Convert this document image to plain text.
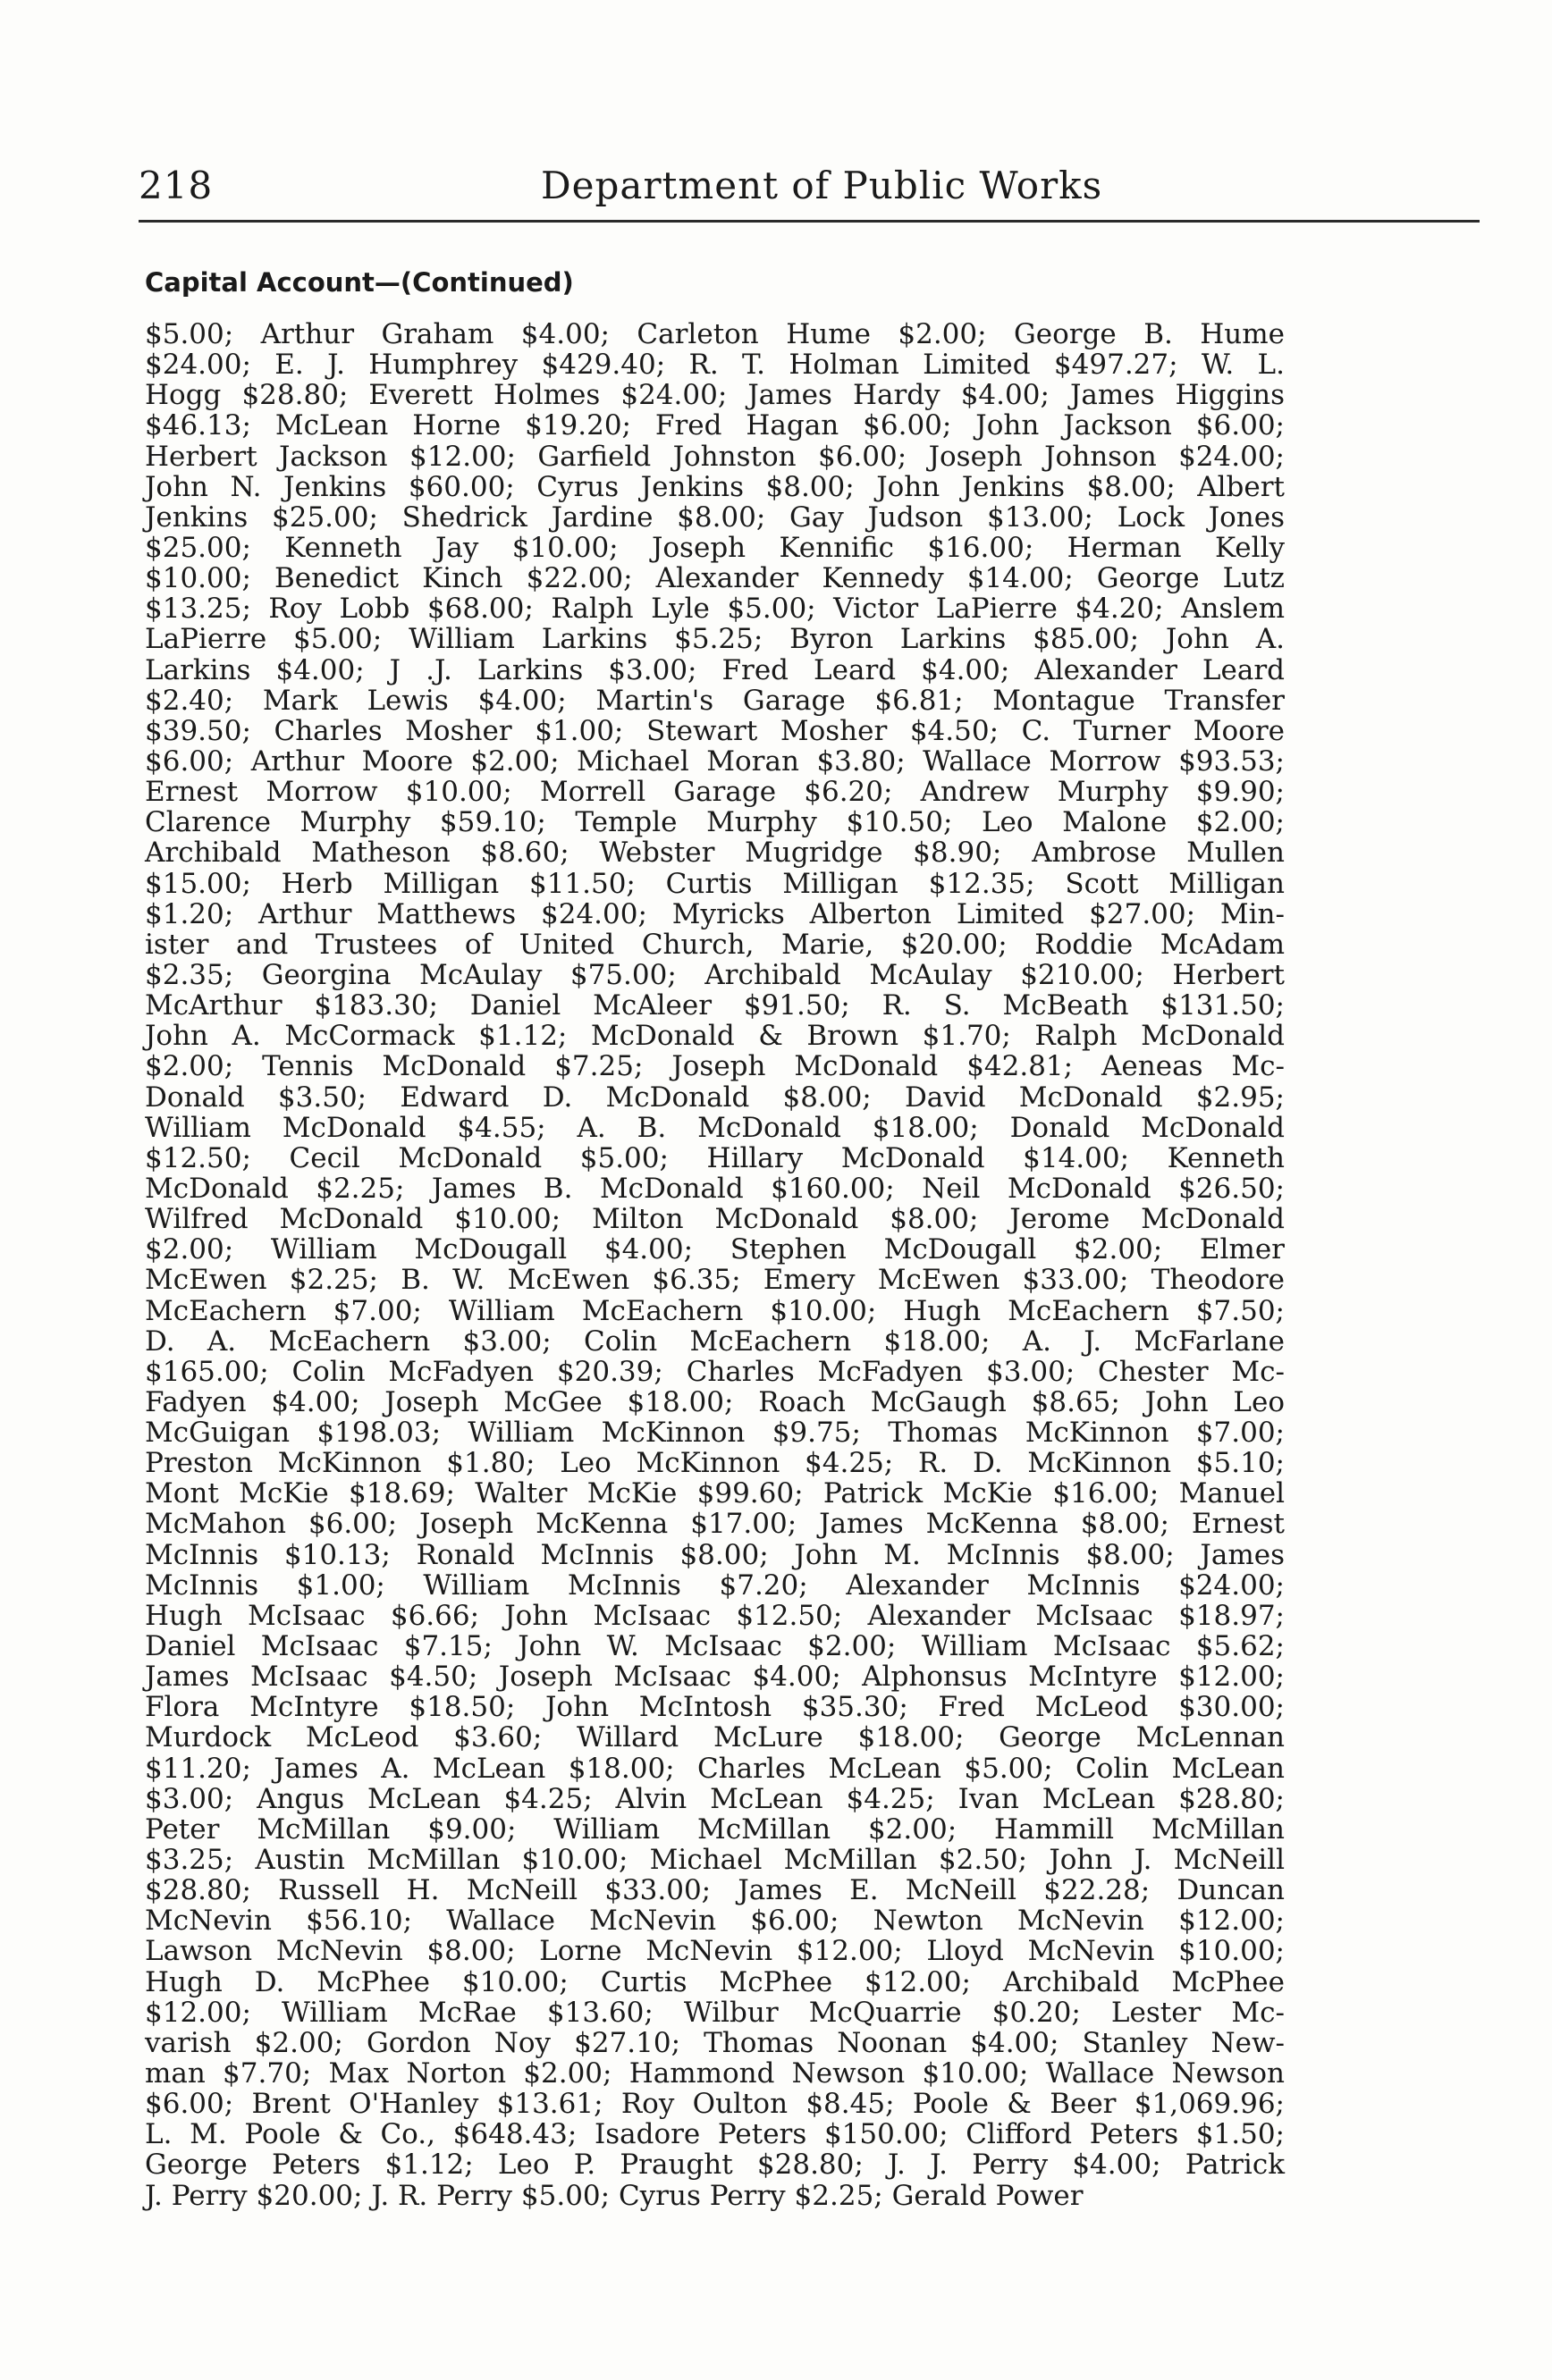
218	Department of Public Works
Capital Account—(Continued)
$5.00; Arthur Graham $4.00; Carleton Hume $2.00; George B. Hume
$24.00; E. J. Humphrey $429.40; R. T. Holman Limited $497.27; W. L.
Hogg $28.80; Everett Holmes $24.00; James Hardy $4.00; James Higgins
$46.13; McLean Horne $19.20; Fred Hagan $6.00; John Jackson $6.00;
Herbert Jackson $12.00; Garfield Johnston $6.00; Joseph Johnson $24.00;
John N. Jenkins $60.00; Cyrus Jenkins $8.00; John Jenkins $8.00; Albert
Jenkins $25.00; Shedrick Jardine $8.00; Gay Judson $13.00; Lock Jones
$25.00; Kenneth Jay $10.00; Joseph Kennific $16.00; Herman Kelly
$10.00; Benedict Kinch $22.00; Alexander Kennedy $14.00; George Lutz
$13.25; Roy Lobb $68.00; Ralph Lyle $5.00; Victor LaPierre $4.20; Anslem
LaPierre $5.00; William Larkins $5.25; Byron Larkins $85.00; John A.
Larkins $4.00; J .J. Larkins $3.00; Fred Leard $4.00; Alexander Leard
$2.40; Mark Lewis $4.00; Martin's Garage $6.81; Montague Transfer
$39.50; Charles Mosher $1.00; Stewart Mosher $4.50; C. Turner Moore
$6.00; Arthur Moore $2.00; Michael Moran $3.80; Wallace Morrow $93.53;
Ernest Morrow $10.00; Morrell Garage $6.20; Andrew Murphy $9.90;
Clarence Murphy $59.10; Temple Murphy $10.50; Leo Malone $2.00;
Archibald Matheson $8.60; Webster Mugridge $8.90; Ambrose Mullen
$15.00; Herb Milligan $11.50; Curtis Milligan $12.35; Scott Milligan
$1.20; Arthur Matthews $24.00; Myricks Alberton Limited $27.00; Min-
ister and Trustees of United Church, Marie, $20.00; Roddie McAdam
$2.35; Georgina McAulay $75.00; Archibald McAulay $210.00; Herbert
McArthur $183.30; Daniel McAleer $91.50; R. S. McBeath $131.50;
John A. McCormack $1.12; McDonald & Brown $1.70; Ralph McDonald
$2.00; Tennis McDonald $7.25; Joseph McDonald $42.81; Aeneas Mc-
Donald $3.50; Edward D. McDonald $8.00; David McDonald $2.95;
William McDonald $4.55; A. B. McDonald $18.00; Donald McDonald
$12.50; Cecil McDonald $5.00; Hillary McDonald $14.00; Kenneth
McDonald $2.25; James B. McDonald $160.00; Neil McDonald $26.50;
Wilfred McDonald $10.00; Milton McDonald $8.00; Jerome McDonald
$2.00; William McDougall $4.00; Stephen McDougall $2.00; Elmer
McEwen $2.25; B. W. McEwen $6.35; Emery McEwen $33.00; Theodore
McEachern $7.00; William McEachern $10.00; Hugh McEachern $7.50;
D. A. McEachern $3.00; Colin McEachern $18.00; A. J. McFarlane
$165.00; Colin McFadyen $20.39; Charles McFadyen $3.00; Chester Mc-
Fadyen $4.00; Joseph McGee $18.00; Roach McGaugh $8.65; John Leo
McGuigan $198.03; William McKinnon $9.75; Thomas McKinnon $7.00;
Preston McKinnon $1.80; Leo McKinnon $4.25; R. D. McKinnon $5.10;
Mont McKie $18.69; Walter McKie $99.60; Patrick McKie $16.00; Manuel
McMahon $6.00; Joseph McKenna $17.00; James McKenna $8.00; Ernest
McInnis $10.13; Ronald McInnis $8.00; John M. McInnis $8.00; James
McInnis $1.00; William McInnis $7.20; Alexander McInnis $24.00;
Hugh McIsaac $6.66; John McIsaac $12.50; Alexander McIsaac $18.97;
Daniel McIsaac $7.15; John W. McIsaac $2.00; William McIsaac $5.62;
James McIsaac $4.50; Joseph McIsaac $4.00; Alphonsus McIntyre $12.00;
Flora McIntyre $18.50; John McIntosh $35.30; Fred McLeod $30.00;
Murdock McLeod $3.60; Willard McLure $18.00; George McLennan
$11.20; James A. McLean $18.00; Charles McLean $5.00; Colin McLean
$3.00; Angus McLean $4.25; Alvin McLean $4.25; Ivan McLean $28.80;
Peter McMillan $9.00; William McMillan $2.00; Hammill McMillan
$3.25; Austin McMillan $10.00; Michael McMillan $2.50; John J. McNeill
$28.80; Russell H. McNeill $33.00; James E. McNeill $22.28; Duncan
McNevin $56.10; Wallace McNevin $6.00; Newton McNevin $12.00;
Lawson McNevin $8.00; Lorne McNevin $12.00; Lloyd McNevin $10.00;
Hugh D. McPhee $10.00; Curtis McPhee $12.00; Archibald McPhee
$12.00; William McRae $13.60; Wilbur McQuarrie $0.20; Lester Mc-
varish $2.00; Gordon Noy $27.10; Thomas Noonan $4.00; Stanley New-
man $7.70; Max Norton $2.00; Hammond Newson $10.00; Wallace Newson
$6.00; Brent O'Hanley $13.61; Roy Oulton $8.45; Poole & Beer $1,069.96;
L. M. Poole & Co., $648.43; Isadore Peters $150.00; Clifford Peters $1.50;
George Peters $1.12; Leo P. Praught $28.80; J. J. Perry $4.00; Patrick
J. Perry $20.00; J. R. Perry $5.00; Cyrus Perry $2.25; Gerald Power
